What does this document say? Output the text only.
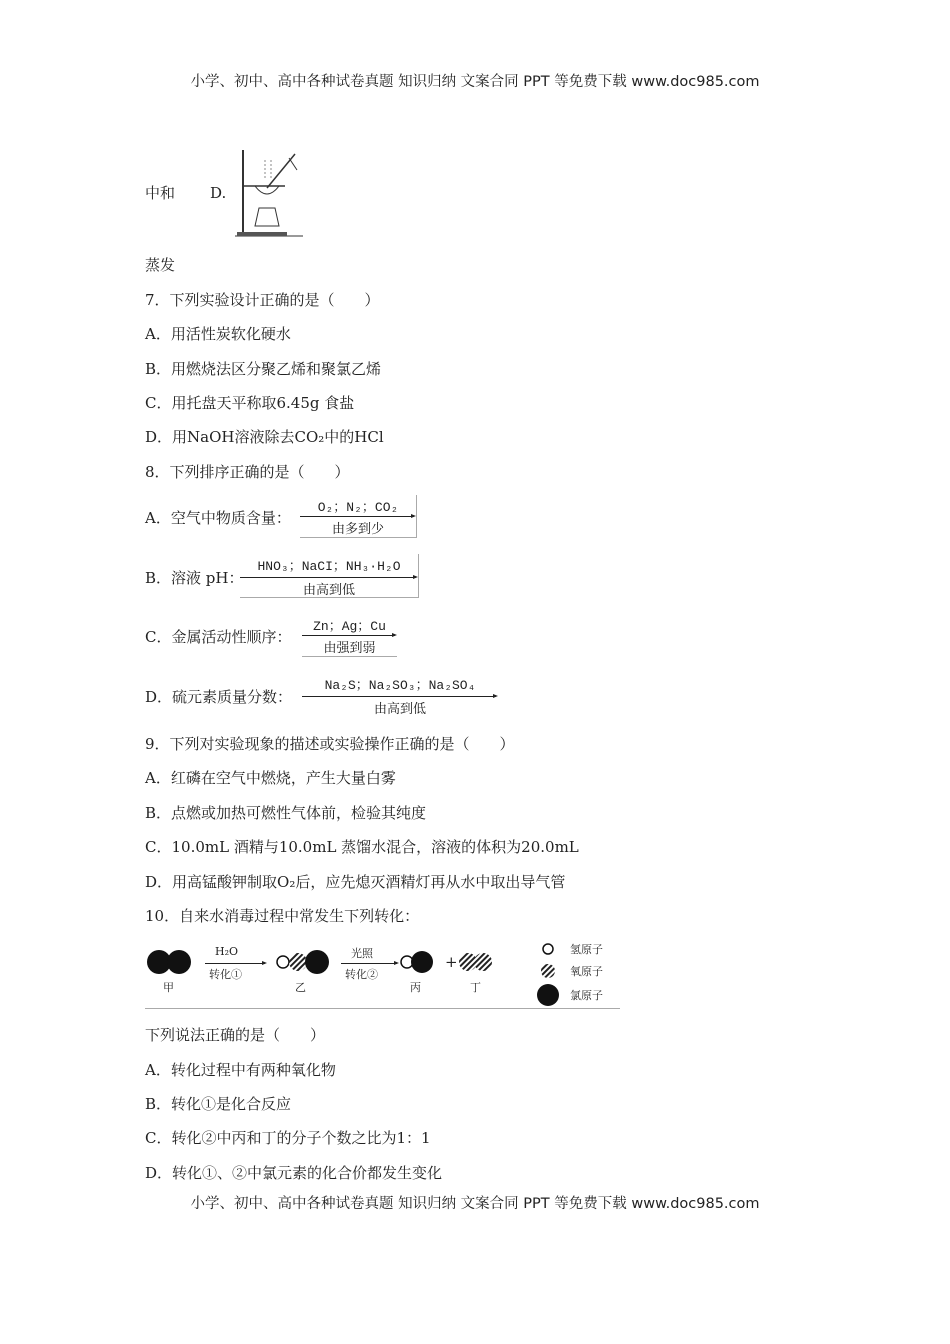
小学、初中、高中各种试卷真题 知识归纳 文案合同 PPT 等免费下载 www.doc985.com
中和 D.
蒸发
7．下列实验设计正确的是（　　）
A．用活性炭软化硬水
B．用燃烧法区分聚乙烯和聚氯乙烯
C．用托盘天平称取6.45g 食盐
D．用NaOH溶液除去CO₂中的HCl
8．下列排序正确的是（　　）
A．空气中物质含量：
O₂；N₂；CO₂
由多到少
B．溶液 pH：
HNO₃；NaCI；NH₃·H₂O
由高到低
C．金属活动性顺序：
Zn；Ag；Cu
由强到弱
D．硫元素质量分数：
Na₂S；Na₂SO₃；Na₂SO₄
由高到低
9．下列对实验现象的描述或实验操作正确的是（　　）
A．红磷在空气中燃烧，产生大量白雾
B．点燃或加热可燃性气体前，检验其纯度
C．10.0mL 酒精与10.0mL 蒸馏水混合，溶液的体积为20.0mL
D．用高锰酸钾制取O₂后，应先熄灭酒精灯再从水中取出导气管
10．自来水消毒过程中常发生下列转化：
H₂O
转化①
光照
转化②
甲	乙	丙
+
丁
氢原子
氧原子
氯原子
下列说法正确的是（　　）
A．转化过程中有两种氧化物
B．转化①是化合反应
C．转化②中丙和丁的分子个数之比为1：1
D．转化①、②中氯元素的化合价都发生变化
小学、初中、高中各种试卷真题 知识归纳 文案合同 PPT 等免费下载 www.doc985.com
